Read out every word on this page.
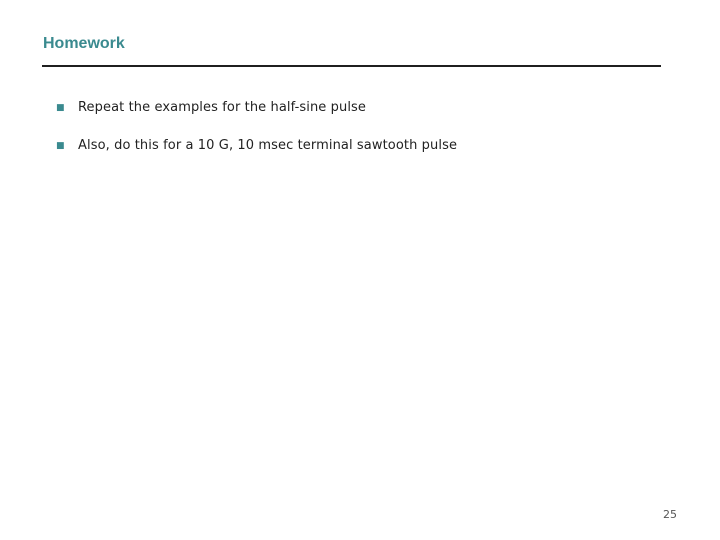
Homework
■	Repeat the examples for the half-sine pulse
■	Also, do this for a 10 G, 10 msec terminal sawtooth pulse
25
